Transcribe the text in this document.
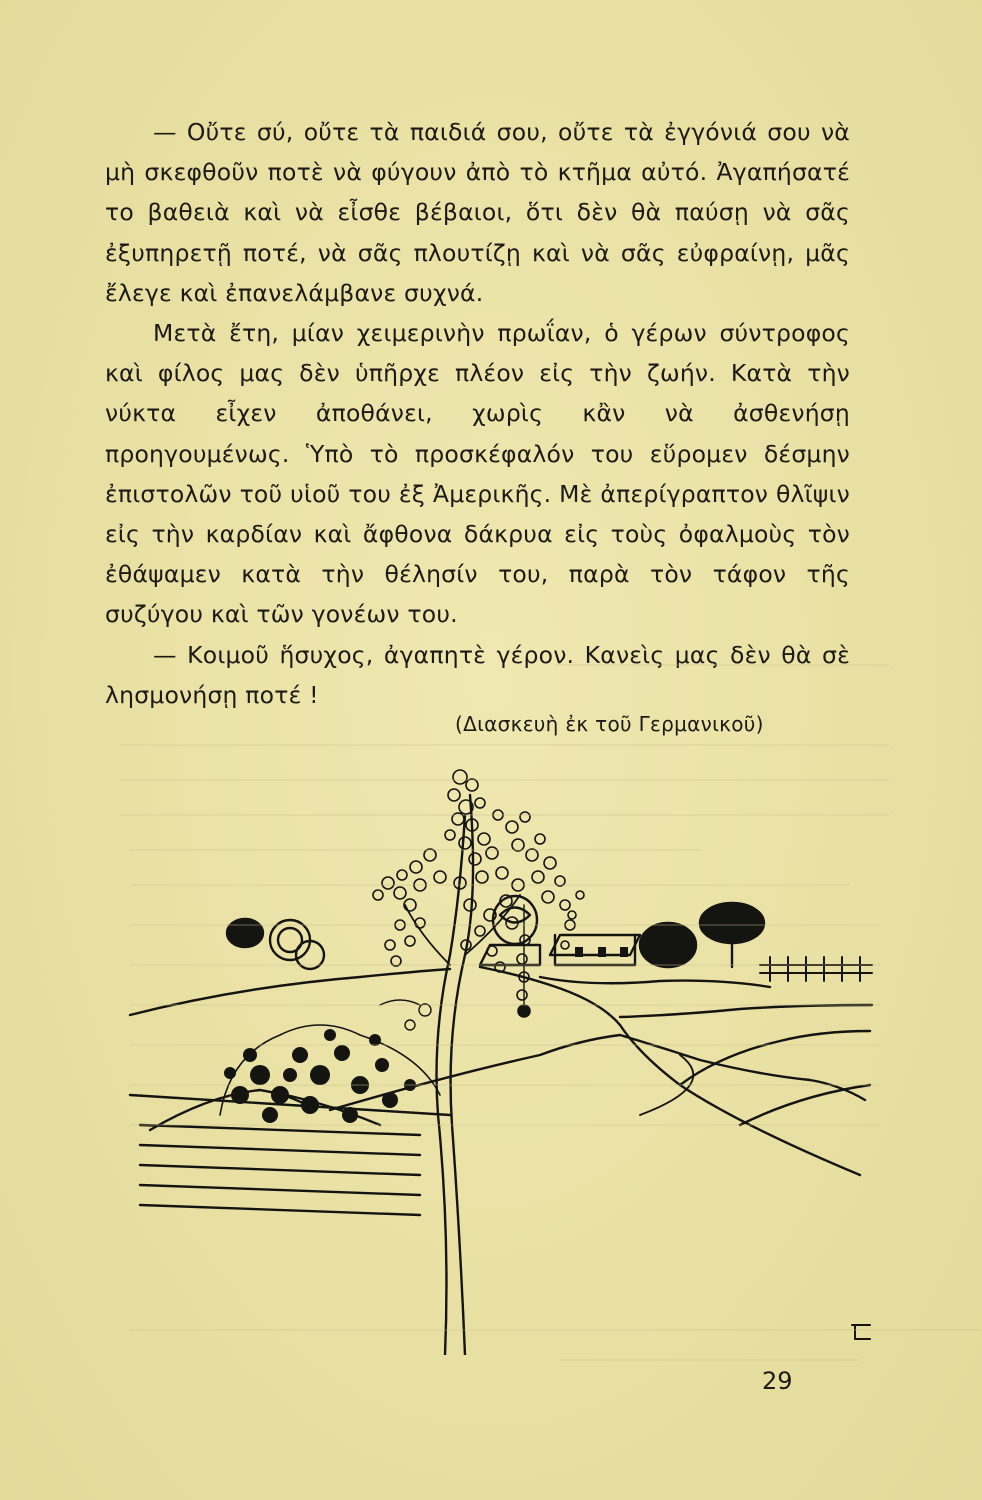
— Οὔτε σύ, οὔτε τὰ παιδιά σου, οὔτε τὰ ἐγγόνιά σου νὰ μὴ σκεφθοῦν ποτὲ νὰ φύγουν ἀπὸ τὸ κτῆμα αὐτό. Ἀγαπήσατέ το βαθειὰ καὶ νὰ εἶσθε βέβαιοι, ὅτι δὲν θὰ παύσῃ νὰ σᾶς ἐξυπηρετῇ ποτέ, νὰ σᾶς πλουτίζῃ καὶ νὰ σᾶς εὐφραίνῃ, μᾶς ἔλεγε καὶ ἐπανελάμβανε συχνά.

Μετὰ ἔτη, μίαν χειμερινὴν πρωΐαν, ὁ γέρων σύντροφος καὶ φίλος μας δὲν ὑπῆρχε πλέον εἰς τὴν ζωήν. Κατὰ τὴν νύκτα εἶχεν ἀποθάνει, χωρὶς κἂν νὰ ἀσθενήσῃ προηγουμένως. Ὑπὸ τὸ προσκέφαλόν του εὕρομεν δέσμην ἐπιστολῶν τοῦ υἱοῦ του ἐξ Ἀμερικῆς. Μὲ ἀπερίγραπτον θλῖψιν εἰς τὴν καρδίαν καὶ ἄφθονα δάκρυα εἰς τοὺς ὀφαλμοὺς τὸν ἐθάψαμεν κατὰ τὴν θέλησίν του, παρὰ τὸν τάφον τῆς συζύγου καὶ τῶν γονέων του.

— Κοιμοῦ ἥσυχος, ἀγαπητὲ γέρον. Κανεὶς μας δὲν θὰ σὲ λησμονήσῃ ποτέ !

(Διασκευὴ ἐκ τοῦ Γερμανικοῦ)
29
